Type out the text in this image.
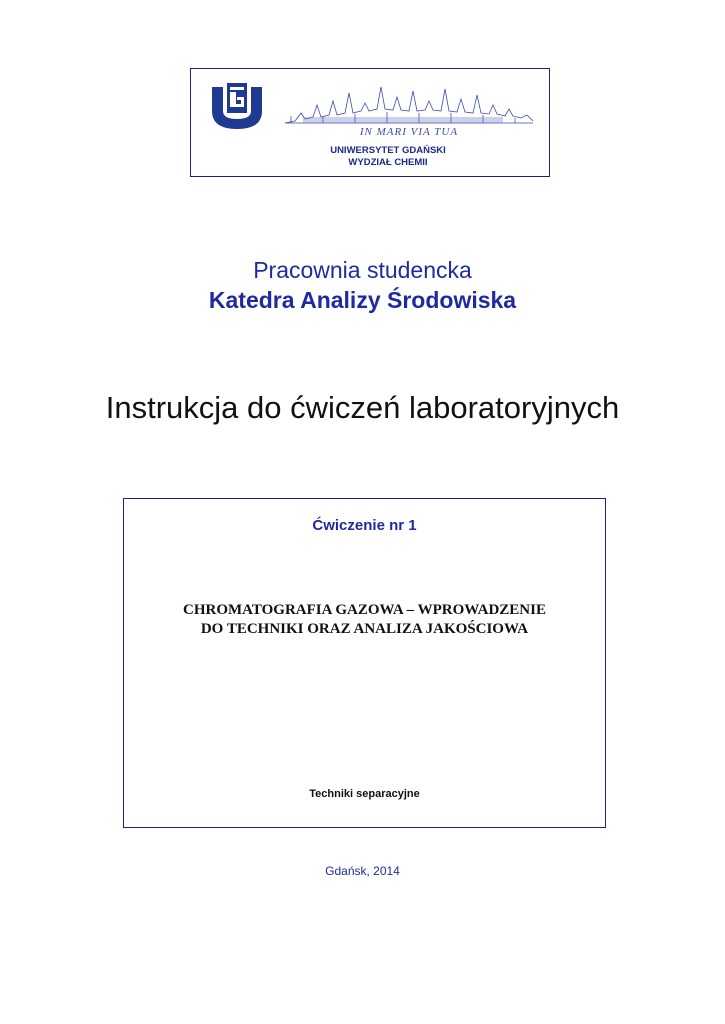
IN MARI VIA TUA
UNIWERSYTET GDAŃSKI
WYDZIAŁ CHEMII
Pracownia studencka
Katedra Analizy Środowiska
Instrukcja do ćwiczeń laboratoryjnych
Ćwiczenie nr 1
CHROMATOGRAFIA GAZOWA – WPROWADZENIE
DO TECHNIKI ORAZ ANALIZA JAKOŚCIOWA
Techniki separacyjne
Gdańsk, 2014
